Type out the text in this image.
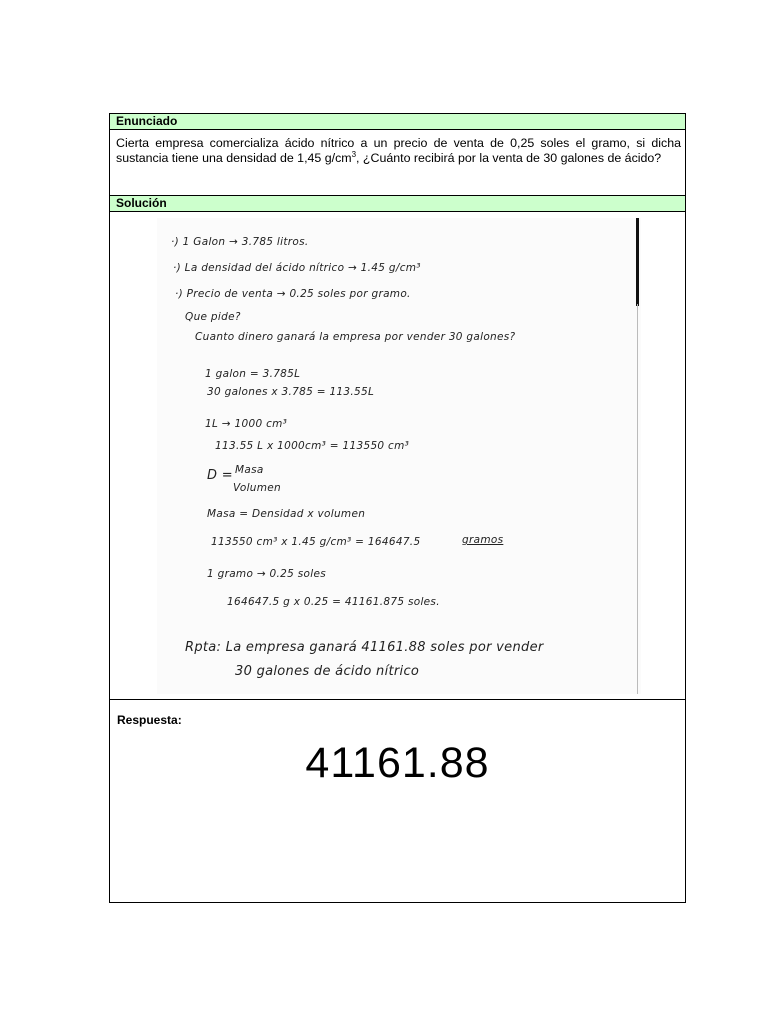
Enunciado
Cierta empresa comercializa ácido nítrico a un precio de venta de 0,25 soles el gramo, si dicha sustancia tiene una densidad de 1,45 $g/cm^3$, ¿Cuánto recibirá por la venta de 30 galones de ácido?
Solución
·) 1 Galon → 3.785 litros.
·) La densidad del ácido nítrico → 1.45 g/cm³
·) Precio de venta → 0.25 soles por gramo.
Que pide?
Cuanto dinero ganará la empresa por vender 30 galones?
1 galon = 3.785L
30 galones x 3.785 = 113.55L
1L → 1000 cm³
113.55 L x 1000cm³ = 113550 cm³
D = Masa
Volumen
Masa = Densidad x volumen
113550 cm³ x 1.45 g/cm³ = 164647.5	gramos
1 gramo → 0.25 soles
164647.5 g x 0.25 = 41161.875 soles.
Rpta: La empresa ganará 41161.88 soles por vender
30 galones de ácido nítrico
Respuesta:
41161.88
